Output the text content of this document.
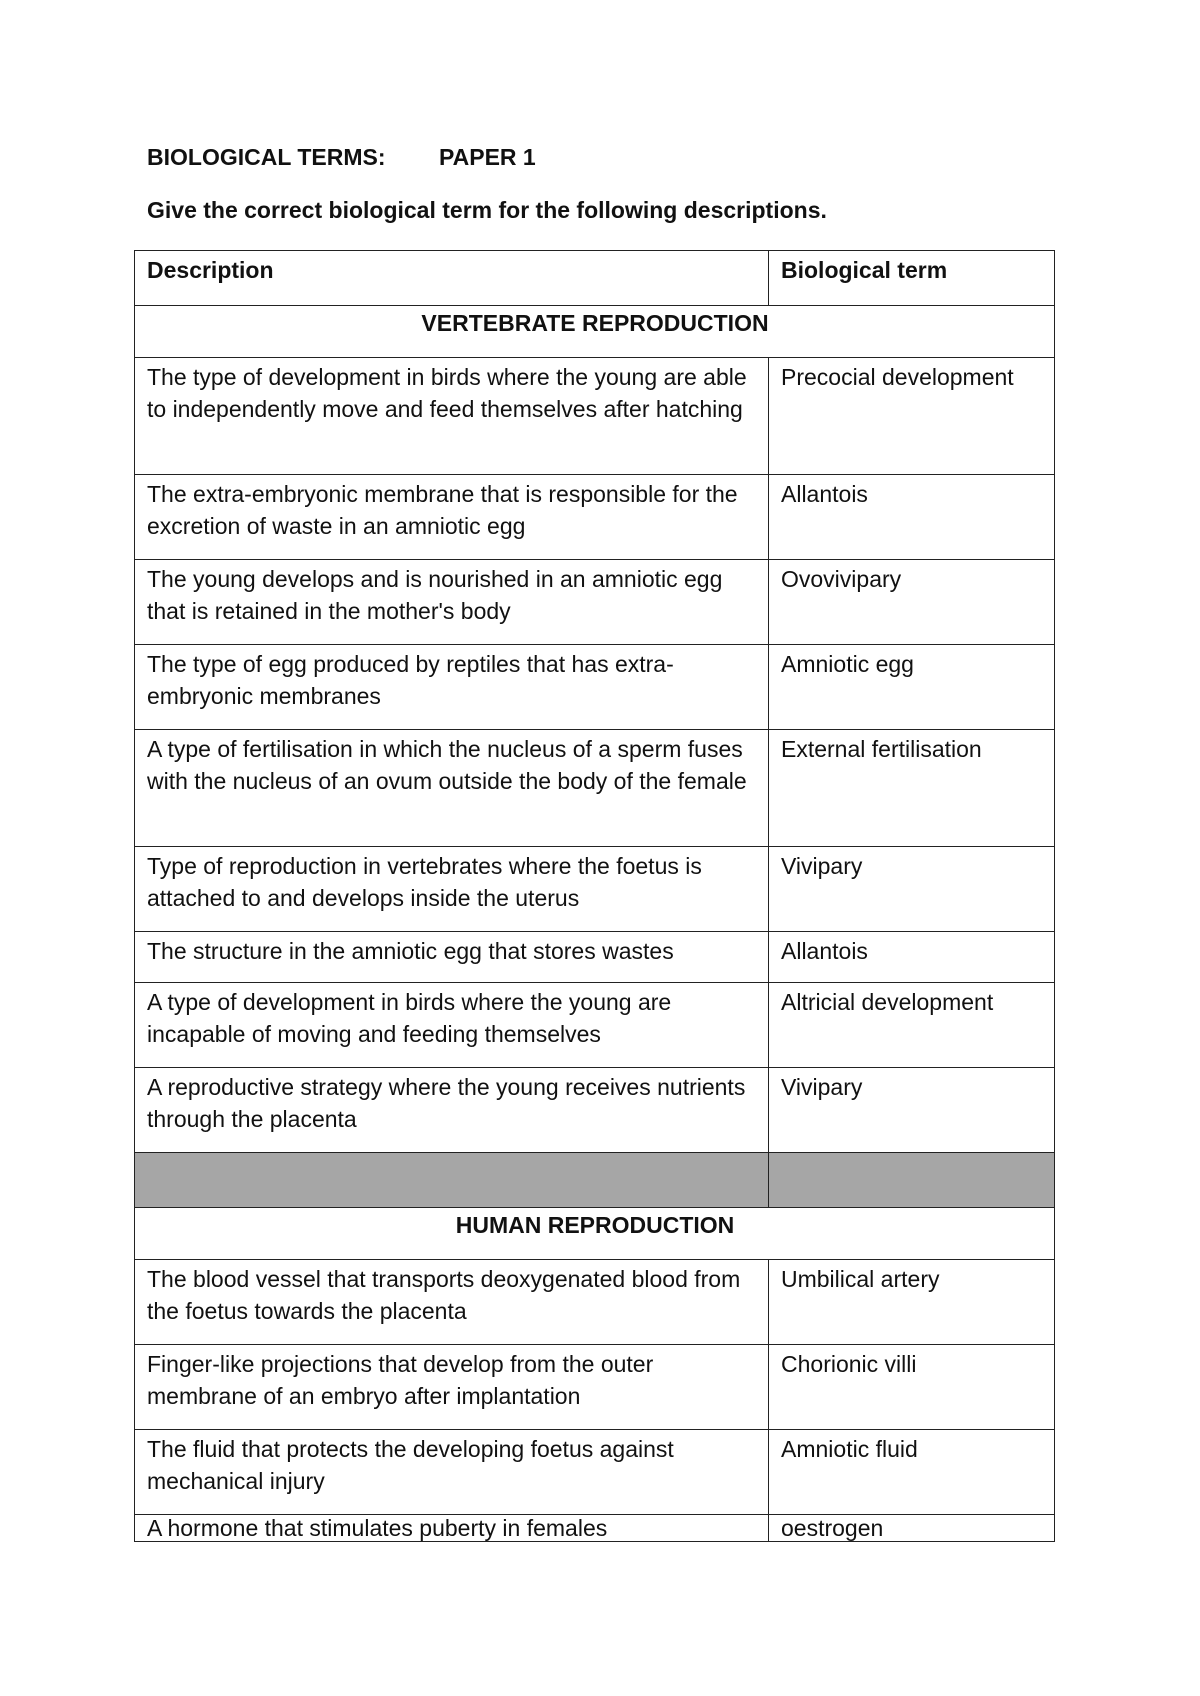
BIOLOGICAL TERMS: PAPER 1
Give the correct biological term for the following descriptions.
Description	Biological term
VERTEBRATE REPRODUCTION	
The type of development in birds where the young are able to independently move and feed themselves after hatching	Precocial development
The extra-embryonic membrane that is responsible for the excretion of waste in an amniotic egg	Allantois
The young develops and is nourished in an amniotic egg that is retained in the mother's body	Ovovivipary
The type of egg produced by reptiles that has extra-embryonic membranes	Amniotic egg
A type of fertilisation in which the nucleus of a sperm fuses with the nucleus of an ovum outside the body of the female	External fertilisation
Type of reproduction in vertebrates where the foetus is attached to and develops inside the uterus	Vivipary
The structure in the amniotic egg that stores wastes	Allantois
A type of development in birds where the young are incapable of moving and feeding themselves	Altricial development
A reproductive strategy where the young receives nutrients through the placenta	Vivipary

HUMAN REPRODUCTION	
The blood vessel that transports deoxygenated blood from the foetus towards the placenta	Umbilical artery
Finger-like projections that develop from the outer membrane of an embryo after implantation	Chorionic villi
The fluid that protects the developing foetus against mechanical injury	Amniotic fluid
A hormone that stimulates puberty in females	oestrogen
